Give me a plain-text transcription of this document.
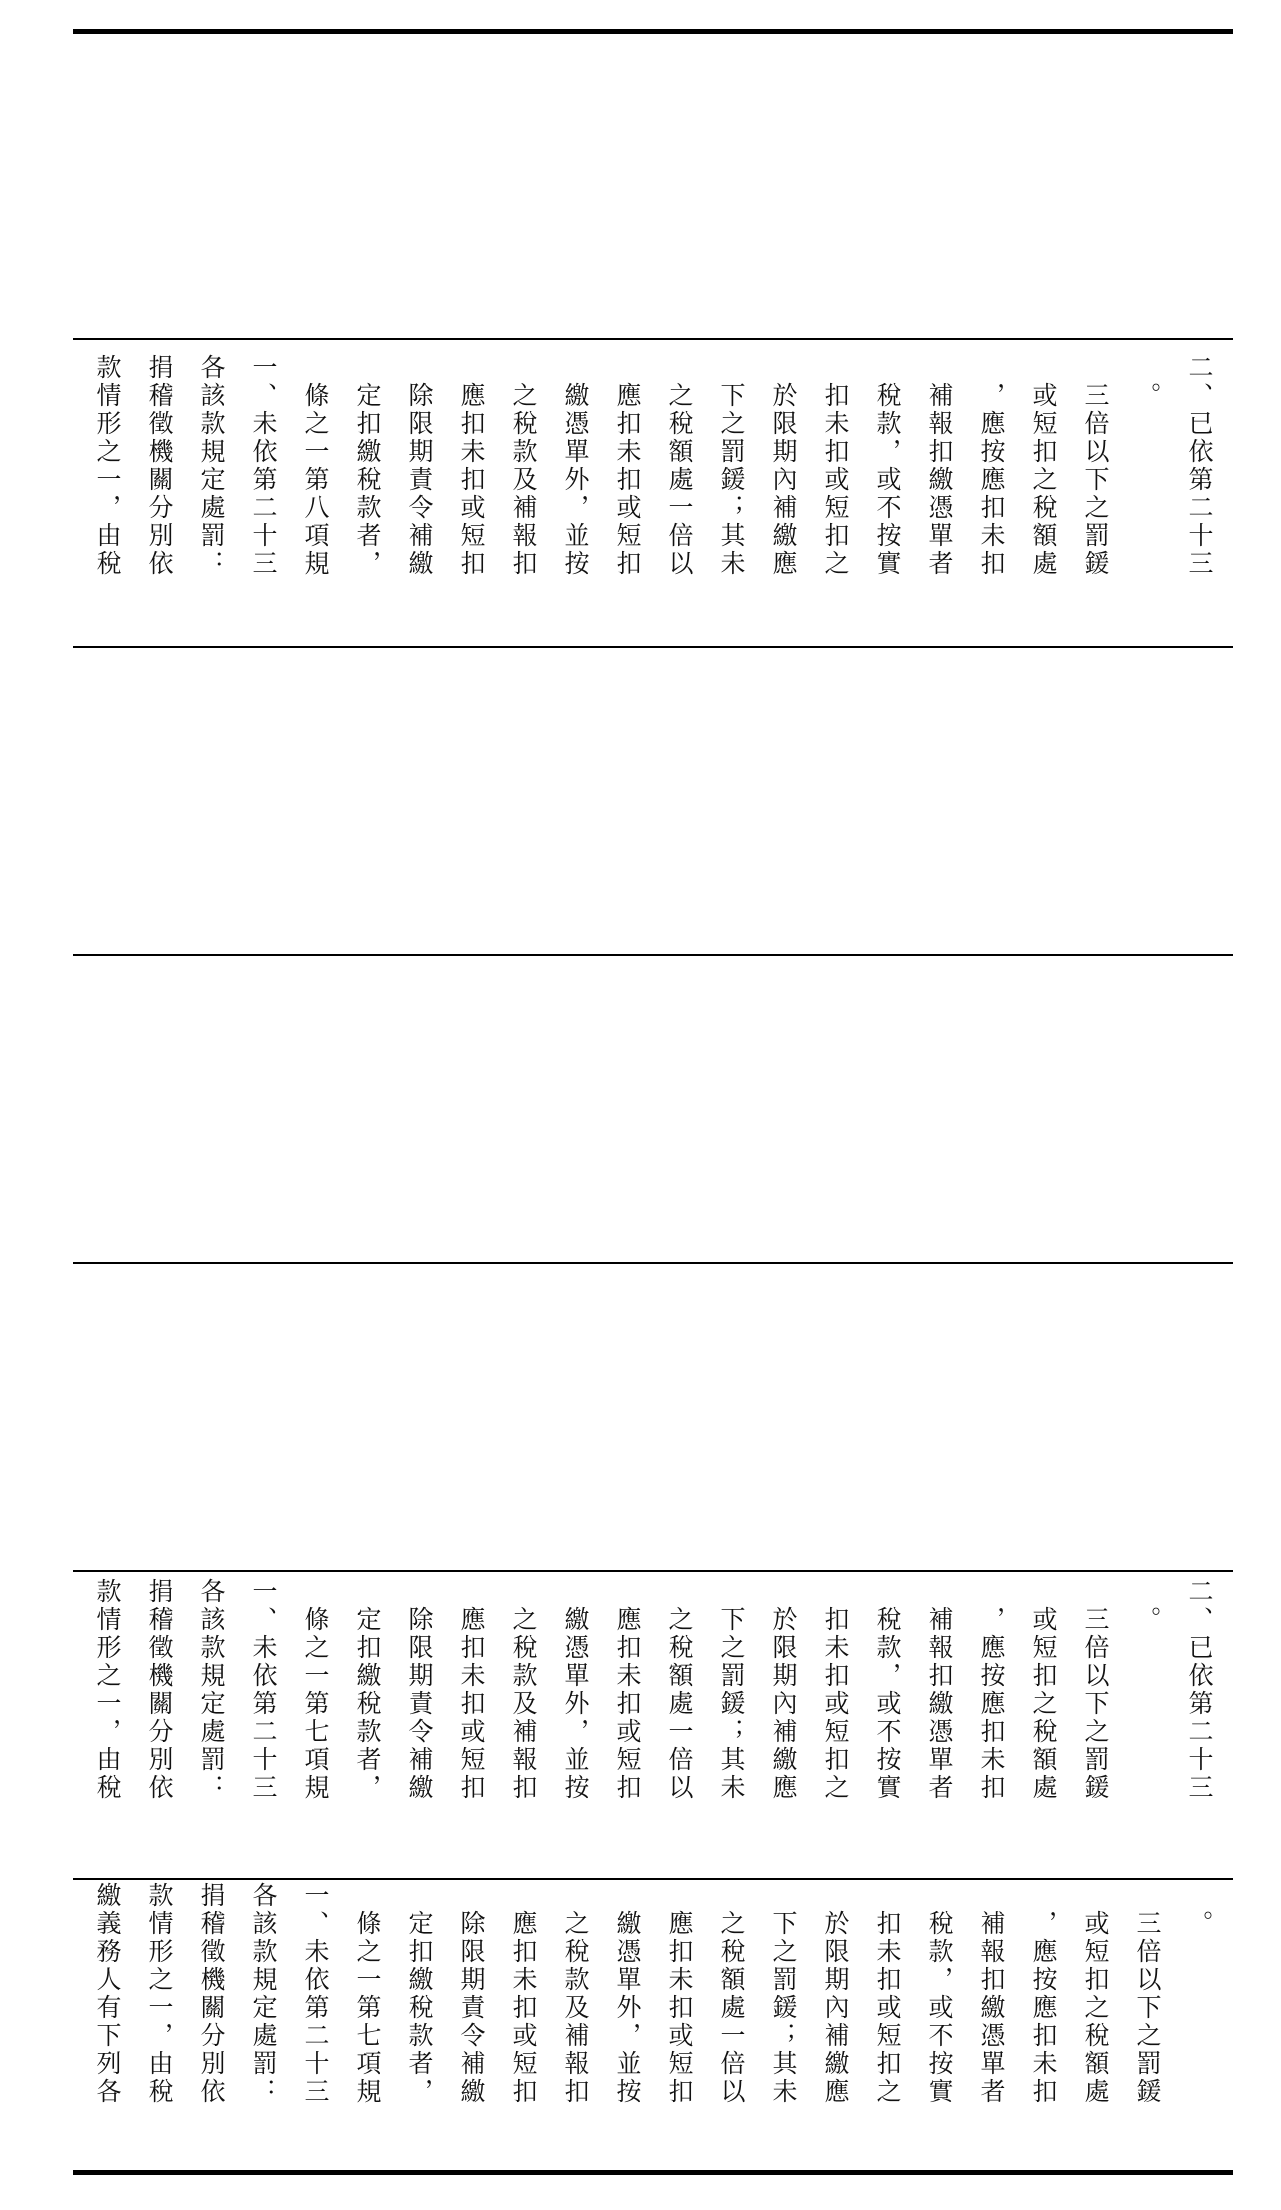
款情形之一，由稅 捐稽徵機關分別依 各該款規定處罰： 一、未依第二十三 　條之一第八項規 　定扣繳稅款者， 　除限期責令補繳 　應扣未扣或短扣 　之稅款及補報扣 　繳憑單外，並按 　應扣未扣或短扣 　之稅額處一倍以 　下之罰鍰；其未 　於限期內補繳應 　扣未扣或短扣之 　稅款，或不按實 　補報扣繳憑單者 　，應按應扣未扣 　或短扣之稅額處 　三倍以下之罰鍰 　。 二、已依第二十三
款情形之一，由稅 捐稽徵機關分別依 各該款規定處罰： 一、未依第二十三 　條之一第七項規 　定扣繳稅款者， 　除限期責令補繳 　應扣未扣或短扣 　之稅款及補報扣 　繳憑單外，並按 　應扣未扣或短扣 　之稅額處一倍以 　下之罰鍰；其未 　於限期內補繳應 　扣未扣或短扣之 　稅款，或不按實 　補報扣繳憑單者 　，應按應扣未扣 　或短扣之稅額處 　三倍以下之罰鍰 　。 二、已依第二十三
繳義務人有下列各 款情形之一，由稅 捐稽徵機關分別依 各該款規定處罰： 一、未依第二十三 　條之一第七項規 　定扣繳稅款者， 　除限期責令補繳 　應扣未扣或短扣 　之稅款及補報扣 　繳憑單外，並按 　應扣未扣或短扣 　之稅額處一倍以 　下之罰鍰；其未 　於限期內補繳應 　扣未扣或短扣之 　稅款，或不按實 　補報扣繳憑單者 　，應按應扣未扣 　或短扣之稅額處 　三倍以下之罰鍰 　。
